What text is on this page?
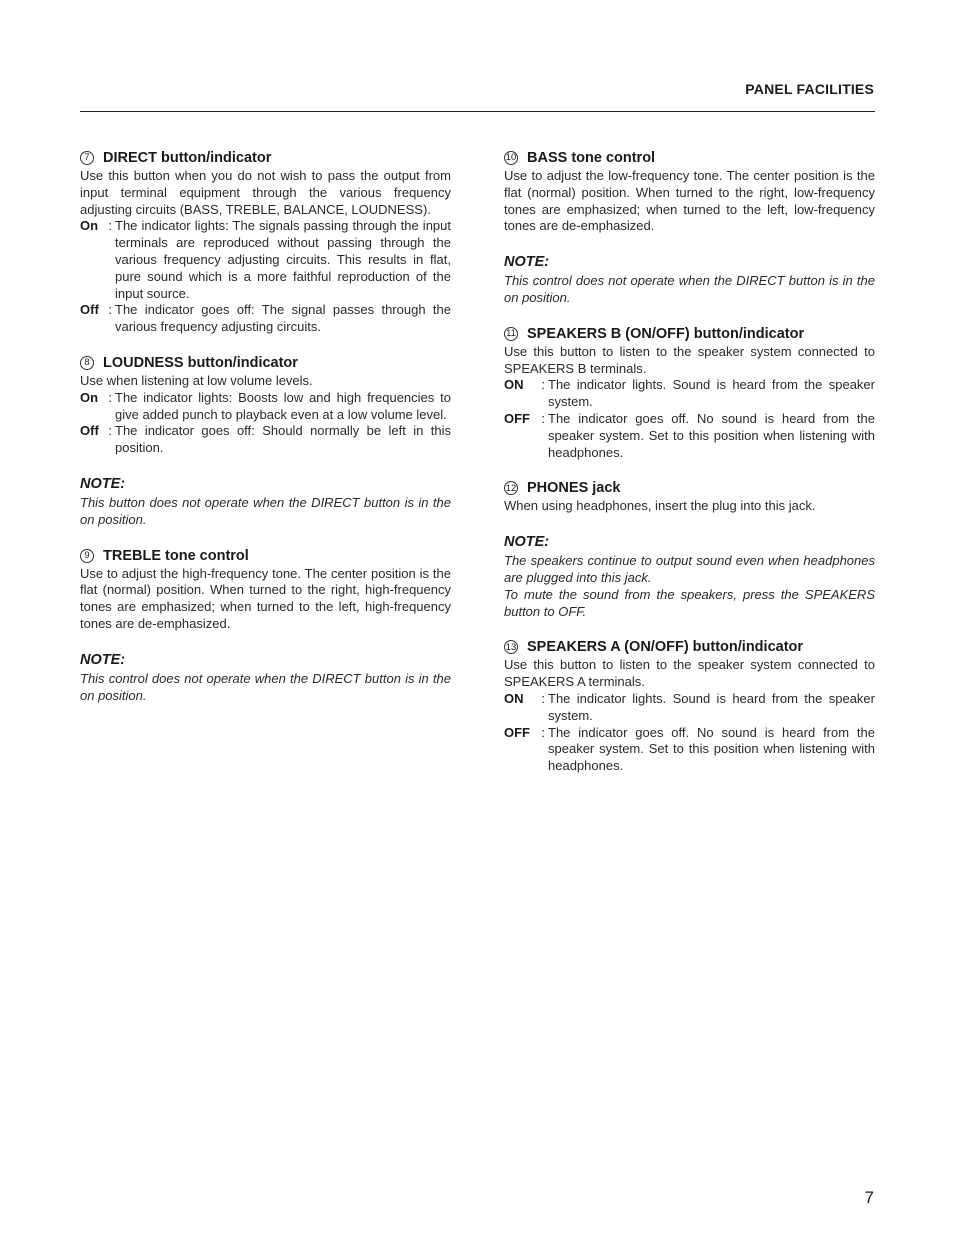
PANEL FACILITIES
7 DIRECT button/indicator

Use this button when you do not wish to pass the output from input terminal equipment through the various frequency adjusting circuits (BASS, TREBLE, BALANCE, LOUDNESS).

On : The indicator lights: The signals passing through the input terminals are reproduced without passing through the various frequency adjusting circuits. This results in flat, pure sound which is a more faithful reproduction of the input source.
Off : The indicator goes off: The signal passes through the various frequency adjusting circuits.
8 LOUDNESS button/indicator

Use when listening at low volume levels.

On : The indicator lights: Boosts low and high frequencies to give added punch to playback even at a low volume level.
Off : The indicator goes off: Should normally be left in this position.
NOTE:

This button does not operate when the DIRECT button is in the on position.

9 TREBLE tone control

Use to adjust the high-frequency tone. The center position is the flat (normal) position. When turned to the right, high-frequency tones are emphasized; when turned to the left, high-frequency tones are de-emphasized.

NOTE:

This control does not operate when the DIRECT button is in the on position.

10 BASS tone control

Use to adjust the low-frequency tone. The center position is the flat (normal) position. When turned to the right, low-frequency tones are emphasized; when turned to the left, low-frequency tones are de-emphasized.

NOTE:

This control does not operate when the DIRECT button is in the on position.

11 SPEAKERS B (ON/OFF) button/indicator

Use this button to listen to the speaker system connected to SPEAKERS B terminals.

ON : The indicator lights. Sound is heard from the speaker system.
OFF : The indicator goes off. No sound is heard from the speaker system. Set to this position when listening with headphones.
12 PHONES jack

When using headphones, insert the plug into this jack.

NOTE:

The speakers continue to output sound even when headphones are plugged into this jack.

To mute the sound from the speakers, press the SPEAKERS button to OFF.

13 SPEAKERS A (ON/OFF) button/indicator

Use this button to listen to the speaker system connected to SPEAKERS A terminals.

ON : The indicator lights. Sound is heard from the speaker system.
OFF : The indicator goes off. No sound is heard from the speaker system. Set to this position when listening with headphones.
7
